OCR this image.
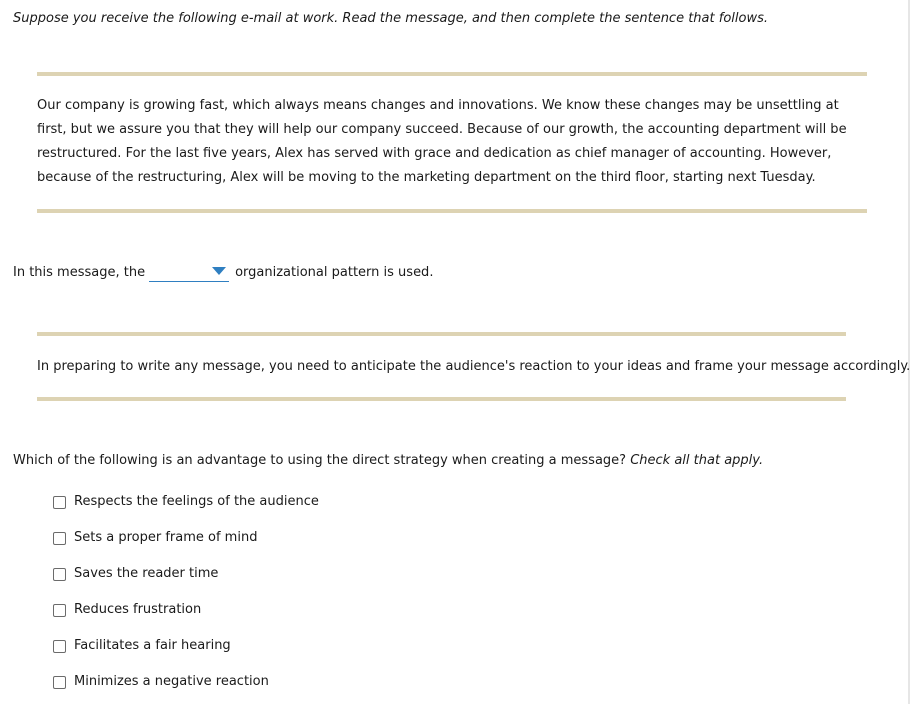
Suppose you receive the following e-mail at work. Read the message, and then complete the sentence that follows.

Our company is growing fast, which always means changes and innovations. We know these changes may be unsettling at first, but we assure you that they will help our company succeed. Because of our growth, the accounting department will be restructured. For the last five years, Alex has served with grace and dedication as chief manager of accounting. However, because of the restructuring, Alex will be moving to the marketing department on the third floor, starting next Tuesday.

In this message, the	organizational pattern is used.
In preparing to write any message, you need to anticipate the audience's reaction to your ideas and frame your message accordingly.
Which of the following is an advantage to using the direct strategy when creating a message? Check all that apply.
Respects the feelings of the audience
Sets a proper frame of mind
Saves the reader time
Reduces frustration
Facilitates a fair hearing
Minimizes a negative reaction
